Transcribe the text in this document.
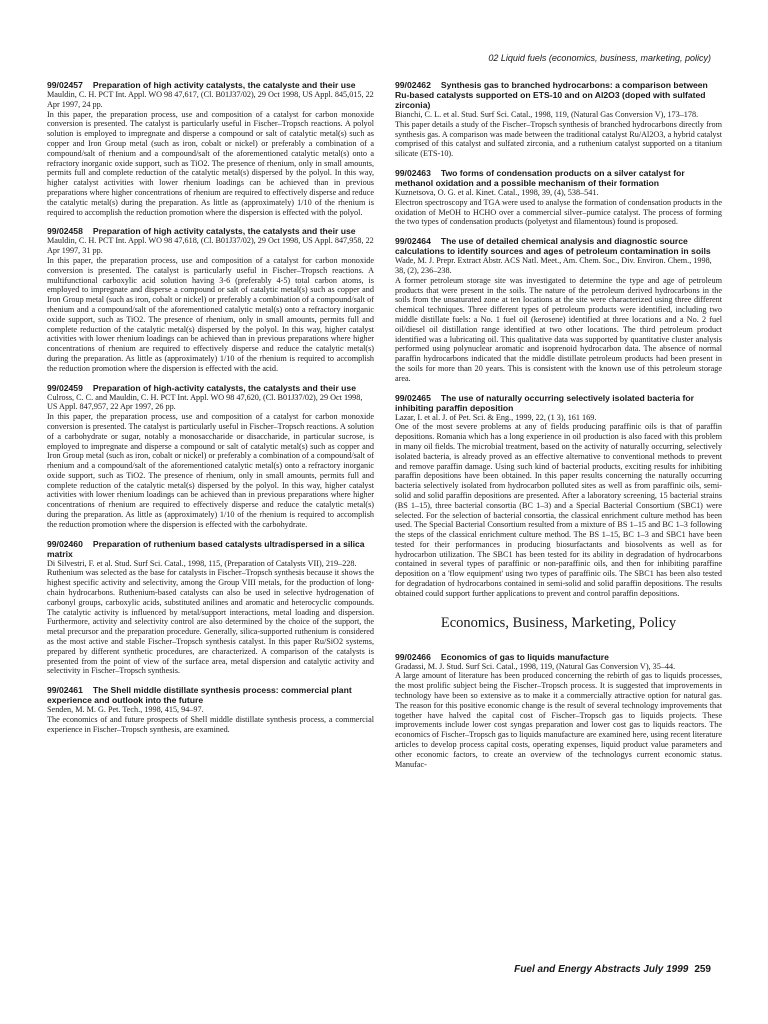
02 Liquid fuels (economics, business, marketing, policy)
99/02457 Preparation of high activity catalysts, the catalyste and their use
Mauldin, C. H. PCT Int. Appl. WO 98 47,617, (Cl. B01J37/02), 29 Oct 1998, US Appl. 845,015, 22 Apr 1997, 24 pp.
In this paper, the preparation process, use and composition of a catalyst for carbon monoxide conversion is presented. The catalyst is particularly useful in Fischer–Tropsch reactions. A polyol solution is employed to impregnate and disperse a compound or salt of catalytic metal(s) such as copper and Iron Group metal (such as iron, cobalt or nickel) or preferably a combination of a compound/salt of rhenium and a compound/salt of the aforementioned catalytic metal(s) onto a refractory inorganic oxide support, such as TiO2. The presence of rhenium, only in small amounts, permits full and complete reduction of the catalytic metal(s) dispersed by the polyol. In this way, higher catalyst activities with lower rhenium loadings can be achieved than in previous preparations where higher concentrations of rhenium are required to effectively disperse and reduce the catalytic metal(s) during the preparation. As little as (approximately) 1/10 of the rhenium is required to accomplish the reduction promotion where the dispersion is effected with the polyol.
99/02458 Preparation of high activity catalysts, the catalysts and their use
Mauldin, C. H. PCT Int. Appl. WO 98 47,618, (Cl. B01J37/02), 29 Oct 1998, US Appl. 847,958, 22 Apr 1997, 31 pp.
In this paper, the preparation process, use and composition of a catalyst for carbon monoxide conversion is presented. The catalyst is particularly useful in Fischer–Tropsch reactions. A multifunctional carboxylic acid solution having 3-6 (preferably 4-5) total carbon atoms, is employed to impregnate and disperse a compound or salt of catalytic metal(s) such as copper and Iron Group metal (such as iron, cobalt or nickel) or preferably a combination of a compound/salt of rhenium and a compound/salt of the aforementioned catalytic metal(s) onto a refractory inorganic oxide support, such as TiO2. The presence of rhenium, only in small amounts, permits full and complete reduction of the catalytic metal(s) dispersed by the polyol. In this way, higher catalyst activities with lower rhenium loadings can be achieved than in previous preparations where higher concentrations of rhenium are required to effectively disperse and reduce the catalytic metal(s) during the preparation. As little as (approximately) 1/10 of the rhenium is required to accomplish the reduction promotion where the dispersion is effected with the acid.
99/02459 Preparation of high-activity catalysts, the catalysts and their use
Culross, C. C. and Mauldin, C. H. PCT Int. Appl. WO 98 47,620, (Cl. B01J37/02), 29 Oct 1998, US Appl. 847,957, 22 Apr 1997, 26 pp.
In this paper, the preparation process, use and composition of a catalyst for carbon monoxide conversion is presented. The catalyst is particularly useful in Fischer–Tropsch reactions. A solution of a carbohydrate or sugar, notably a monosaccharide or disaccharide, in particular sucrose, is employed to impregnate and disperse a compound or salt of catalytic metal(s) such as copper and Iron Group metal (such as iron, cobalt or nickel) or preferably a combination of a compound/salt of rhenium and a compound/salt of the aforementioned catalytic metal(s) onto a refractory inorganic oxide support, such as TiO2. The presence of rhenium, only in small amounts, permits full and complete reduction of the catalytic metal(s) dispersed by the polyol. In this way, higher catalyst activities with lower rhenium loadings can be achieved than in previous preparations where higher concentrations of rhenium are required to effectively disperse and reduce the catalytic metal(s) during the preparation. As little as (approximately) 1/10 of the rhenium is required to accomplish the reduction promotion where the dispersion is effected with the carbohydrate.
99/02460 Preparation of ruthenium based catalysts ultradispersed in a silica matrix
Di Silvestri, F. et al. Stud. Surf Sci. Catal., 1998, 115, (Preparation of Catalysts VII), 219–228.
Ruthenium was selected as the base for catalysts in Fischer–Tropsch synthesis because it shows the highest specific activity and selectivity, among the Group VIII metals, for the production of long-chain hydrocarbons. Ruthenium-based catalysts can also be used in selective hydrogenation of carbonyl groups, carboxylic acids, substituted anilines and aromatic and heterocyclic compounds. The catalytic activity is influenced by metal/support interactions, metal loading and dispersion. Furthermore, activity and selectivity control are also determined by the choice of the support, the metal precursor and the preparation procedure. Generally, silica-supported ruthenium is considered as the most active and stable Fischer–Tropsch synthesis catalyst. In this paper Ru/SiO2 systems, prepared by different synthetic procedures, are characterized. A comparison of the catalysts is presented from the point of view of the surface area, metal dispersion and catalytic activity and selectivity in Fischer–Tropsch synthesis.
99/02461 The Shell middle distillate synthesis process: commercial plant experience and outlook into the future
Senden, M. M. G. Pet. Tech., 1998, 415, 94–97.
The economics of and future prospects of Shell middle distillate synthesis process, a commercial experience in Fischer–Tropsch synthesis, are examined.
99/02462 Synthesis gas to branched hydrocarbons: a comparison between Ru-based catalysts supported on ETS-10 and on Al2O3 (doped with sulfated zirconia)
Bianchi, C. L. et al. Stud. Surf Sci. Catal., 1998, 119, (Natural Gas Conversion V), 173–178.
This paper details a study of the Fischer–Tropsch synthesis of branched hydrocarbons directly from synthesis gas. A comparison was made between the traditional catalyst Ru/Al2O3, a hybrid catalyst comprised of this catalyst and sulfated zirconia, and a ruthenium catalyst supported on a titanium silicate (ETS-10).
99/02463 Two forms of condensation products on a silver catalyst for methanol oxidation and a possible mechanism of their formation
Kuznetsova, O. G. et al. Kinet. Catal., 1998, 39, (4), 538–541.
Electron spectroscopy and TGA were used to analyse the formation of condensation products in the oxidation of MeOH to HCHO over a commercial silver–pumice catalyst. The process of forming the two types of condensation products (polyetyst and filamentous) found is proposed.
99/02464 The use of detailed chemical analysis and diagnostic source calculations to identify sources and ages of petroleum contamination in soils
Wade, M. J. Prepr. Extract Abstr. ACS Natl. Meet., Am. Chem. Soc., Div. Environ. Chem., 1998, 38, (2), 236–238.
A former petroleum storage site was investigated to determine the type and age of petroleum products that were present in the soils. The nature of the petroleum derived hydrocarbons in the soils from the unsaturated zone at ten locations at the site were characterized using three different chemical techniques. Three different types of petroleum products were identified, including two middle distillate fuels: a No. 1 fuel oil (kerosene) identified at three locations and a No. 2 fuel oil/diesel oil distillation range identified at two other locations. The third petroleum product identified was a lubricating oil. This qualitative data was supported by quantitative cluster analysis performed using polynuclear aromatic and isoprenoid hydrocarbon data. The absence of normal paraffin hydrocarbons indicated that the middle distillate petroleum products had been present in the soils for more than 20 years. This is consistent with the known use of this petroleum storage area.
99/02465 The use of naturally occurring selectively isolated bacteria for inhibiting paraffin deposition
Lazar, I. et al. J. of Pet. Sci. & Eng., 1999, 22, (1 3), 161 169.
One of the most severe problems at any of fields producing paraffinic oils is that of paraffin depositions. Romania which has a long experience in oil production is also faced with this problem in many oil fields. The microbial treatment, based on the activity of naturally occurring, selectively isolated bacteria, is already proved as an effective alternative to conventional methods to prevent and remove paraffin damage. Using such kind of bacterial products, exciting results for inhibiting paraffin depositions have been obtained. In this paper results concerning the naturally occurring bacteria selectively isolated from hydrocarbon polluted sites as well as from paraffinic oils, semi-solid and solid paraffin depositions are presented. After a laboratory screening, 15 bacterial strains (BS 1–15), three bacterial consortia (BC 1–3) and a Special Bacterial Consortium (SBC1) were selected. For the selection of bacterial consortia, the classical enrichment culture method has been used. The Special Bacterial Consortium resulted from a mixture of BS 1–15 and BC 1–3 following the steps of the classical enrichment culture method. The BS 1–15, BC 1–3 and SBC1 have been tested for their performances in producing biosurfactants and biosolvents as well as for hydrocarbon utilization. The SBC1 has been tested for its ability in degradation of hydrocarbons contained in several types of paraffinic or non-paraffinic oils, and then for inhibiting paraffine deposition on a 'flow equipment' using two types of paraffinic oils. The SBC1 has been also tested for degradation of hydrocarbons contained in semi-solid and solid paraffin depositions. The results obtained could support further applications to prevent and control paraffin depositions.
Economics, Business, Marketing, Policy
99/02466 Economics of gas to liquids manufacture
Gradassi, M. J. Stud. Surf Sci. Catal., 1998, 119, (Natural Gas Conversion V), 35–44.
A large amount of literature has been produced concerning the rebirth of gas to liquids processes, the most prolific subject being the Fischer–Tropsch process. It is suggested that improvements in technology have been so extensive as to make it a commercially attractive option for natural gas. The reason for this positive economic change is the result of several technology improvements that together have halved the capital cost of Fischer–Tropsch gas to liquids projects. These improvements include lower cost syngas preparation and lower cost gas to liquids reactors. The economics of Fischer–Tropsch gas to liquids manufacture are examined here, using recent literature articles to develop process capital costs, operating expenses, liquid product value parameters and other economic factors, to create an overview of the technologys current economic status. Manufac-
Fuel and Energy Abstracts July 1999 259
